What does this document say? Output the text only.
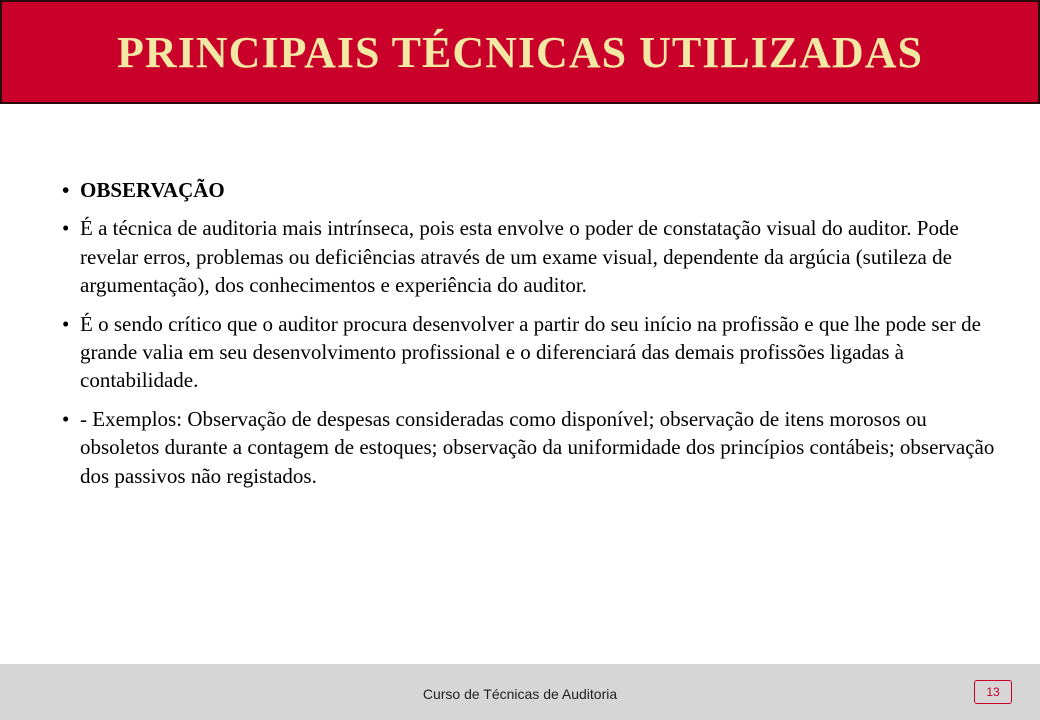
PRINCIPAIS TÉCNICAS UTILIZADAS
• OBSERVAÇÃO
• É a técnica de auditoria mais intrínseca, pois esta envolve o poder de constatação visual do auditor. Pode revelar erros, problemas ou deficiências através de um exame visual, dependente da argúcia (sutileza de argumentação), dos conhecimentos e experiência do auditor.
• É o sendo crítico que o auditor procura desenvolver a partir do seu início na profissão e que lhe pode ser de grande valia em seu desenvolvimento profissional e o diferenciará das demais profissões ligadas à contabilidade.
• - Exemplos: Observação de despesas consideradas como disponível; observação de itens morosos ou obsoletos durante a contagem de estoques; observação da uniformidade dos princípios contábeis; observação dos passivos não registados.
Curso de Técnicas de Auditoria	13
